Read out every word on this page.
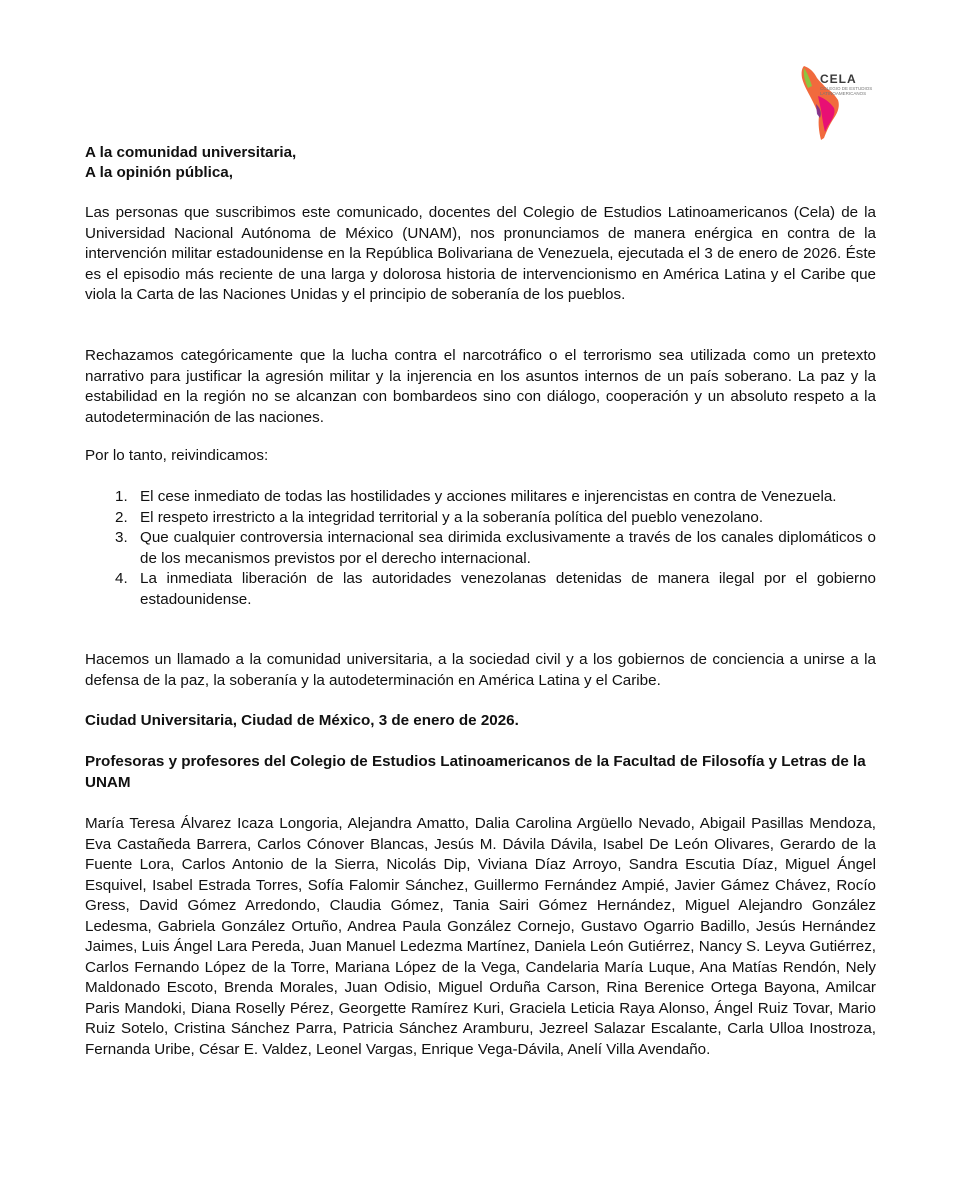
CELA
COLEGIO DE ESTUDIOS LATINOAMERICANOS
A la comunidad universitaria,
A la opinión pública,

Las personas que suscribimos este comunicado, docentes del Colegio de Estudios Latinoamericanos (Cela) de la Universidad Nacional Autónoma de México (UNAM), nos pronunciamos de manera enérgica en contra de la intervención militar estadounidense en la República Bolivariana de Venezuela, ejecutada el 3 de enero de 2026. Éste es el episodio más reciente de una larga y dolorosa historia de intervencionismo en América Latina y el Caribe que viola la Carta de las Naciones Unidas y el principio de soberanía de los pueblos.

Rechazamos categóricamente que la lucha contra el narcotráfico o el terrorismo sea utilizada como un pretexto narrativo para justificar la agresión militar y la injerencia en los asuntos internos de un país soberano. La paz y la estabilidad en la región no se alcanzan con bombardeos sino con diálogo, cooperación y un absoluto respeto a la autodeterminación de las naciones.

Por lo tanto, reivindicamos:

1. El cese inmediato de todas las hostilidades y acciones militares e injerencistas en contra de Venezuela.
2. El respeto irrestricto a la integridad territorial y a la soberanía política del pueblo venezolano.
3. Que cualquier controversia internacional sea dirimida exclusivamente a través de los canales diplomáticos o de los mecanismos previstos por el derecho internacional.
4. La inmediata liberación de las autoridades venezolanas detenidas de manera ilegal por el gobierno estadounidense.

Hacemos un llamado a la comunidad universitaria, a la sociedad civil y a los gobiernos de conciencia a unirse a la defensa de la paz, la soberanía y la autodeterminación en América Latina y el Caribe.

Ciudad Universitaria, Ciudad de México, 3 de enero de 2026.

Profesoras y profesores del Colegio de Estudios Latinoamericanos de la Facultad de Filosofía y Letras de la UNAM

María Teresa Álvarez Icaza Longoria, Alejandra Amatto, Dalia Carolina Argüello Nevado, Abigail Pasillas Mendoza, Eva Castañeda Barrera, Carlos Cónover Blancas, Jesús M. Dávila Dávila, Isabel De León Olivares, Gerardo de la Fuente Lora, Carlos Antonio de la Sierra, Nicolás Dip, Viviana Díaz Arroyo, Sandra Escutia Díaz, Miguel Ángel Esquivel, Isabel Estrada Torres, Sofía Falomir Sánchez, Guillermo Fernández Ampié, Javier Gámez Chávez, Rocío Gress, David Gómez Arredondo, Claudia Gómez, Tania Sairi Gómez Hernández, Miguel Alejandro González Ledesma, Gabriela González Ortuño, Andrea Paula González Cornejo, Gustavo Ogarrio Badillo, Jesús Hernández Jaimes, Luis Ángel Lara Pereda, Juan Manuel Ledezma Martínez, Daniela León Gutiérrez, Nancy S. Leyva Gutiérrez, Carlos Fernando López de la Torre, Mariana López de la Vega, Candelaria María Luque, Ana Matías Rendón, Nely Maldonado Escoto, Brenda Morales, Juan Odisio, Miguel Orduña Carson, Rina Berenice Ortega Bayona, Amilcar Paris Mandoki, Diana Roselly Pérez, Georgette Ramírez Kuri, Graciela Leticia Raya Alonso, Ángel Ruiz Tovar, Mario Ruiz Sotelo, Cristina Sánchez Parra, Patricia Sánchez Aramburu, Jezreel Salazar Escalante, Carla Ulloa Inostroza, Fernanda Uribe, César E. Valdez, Leonel Vargas, Enrique Vega-Dávila, Anelí Villa Avendaño.
